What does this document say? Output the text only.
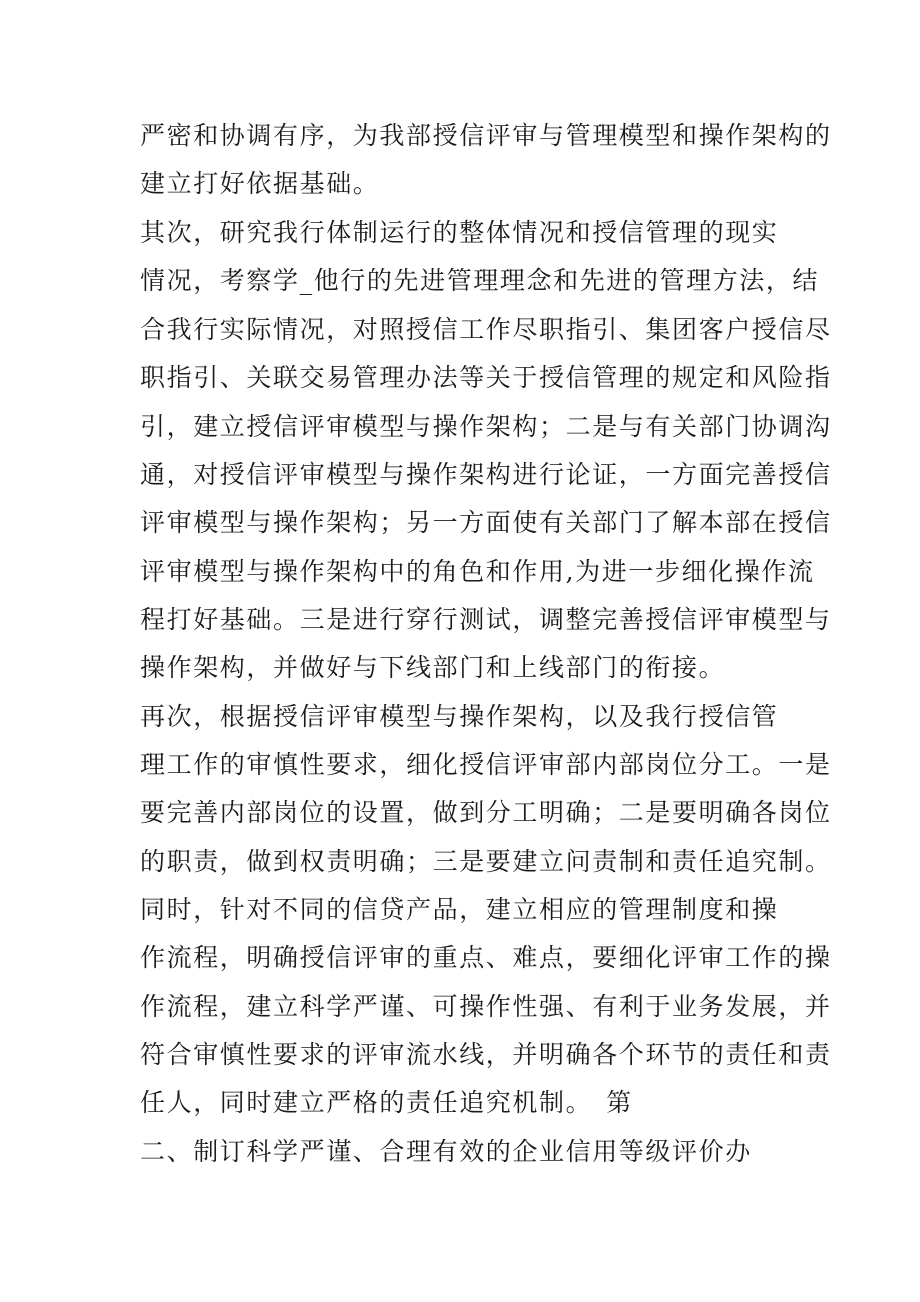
严密和协调有序，为我部授信评审与管理模型和操作架构的
建立打好依据基础。
其次，研究我行体制运行的整体情况和授信管理的现实
情况，考察学_他行的先进管理理念和先进的管理方法，结
合我行实际情况，对照授信工作尽职指引、集团客户授信尽
职指引、关联交易管理办法等关于授信管理的规定和风险指
引，建立授信评审模型与操作架构；二是与有关部门协调沟
通，对授信评审模型与操作架构进行论证，一方面完善授信
评审模型与操作架构；另一方面使有关部门了解本部在授信
评审模型与操作架构中的角色和作用,为进一步细化操作流
程打好基础。三是进行穿行测试，调整完善授信评审模型与
操作架构，并做好与下线部门和上线部门的衔接。
再次，根据授信评审模型与操作架构，以及我行授信管
理工作的审慎性要求，细化授信评审部内部岗位分工。一是
要完善内部岗位的设置，做到分工明确；二是要明确各岗位
的职责，做到权责明确；三是要建立问责制和责任追究制。
同时，针对不同的信贷产品，建立相应的管理制度和操
作流程，明确授信评审的重点、难点，要细化评审工作的操
作流程，建立科学严谨、可操作性强、有利于业务发展，并
符合审慎性要求的评审流水线，并明确各个环节的责任和责
任人，同时建立严格的责任追究机制。　第
二、制订科学严谨、合理有效的企业信用等级评价办
